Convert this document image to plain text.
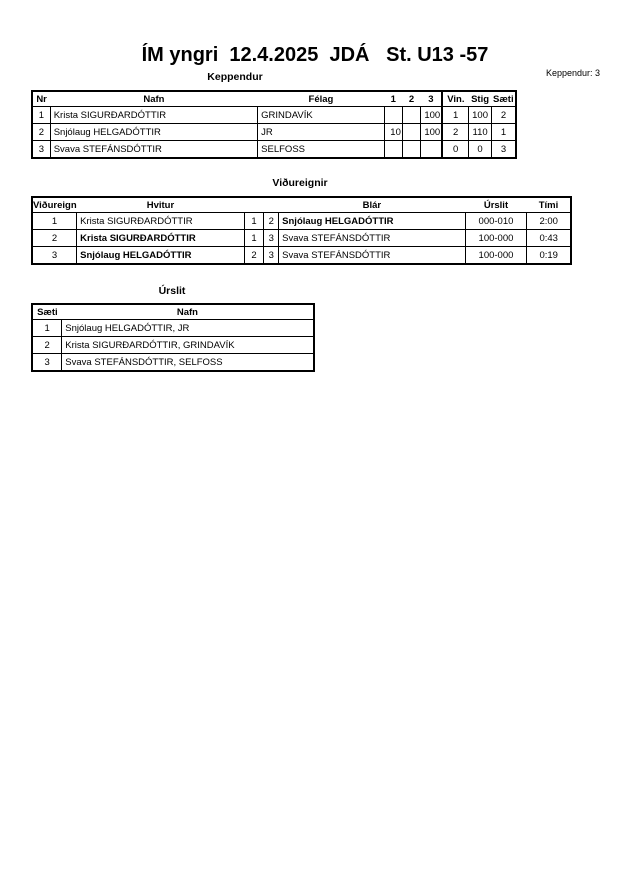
ÍM yngri  12.4.2025  JDÁ   St. U13 -57
Keppendur: 3
Keppendur
Nr	Nafn	Félag	1	2	3	Vin.	Stig	Sæti
1	Krista SIGURÐARDÓTTIR	GRINDAVÍK			100	1	100	2
2	Snjólaug HELGADÓTTIR	JR	10		100	2	110	1
3	Svava STEFÁNSDÓTTIR	SELFOSS				0	0	3
Viðureignir
Viðureign	Hvitur			Blár	Úrslit	Tími
1	Krista SIGURÐARDÓTTIR	1	2	Snjólaug HELGADÓTTIR	000-010	2:00
2	Krista SIGURÐARDÓTTIR	1	3	Svava STEFÁNSDÓTTIR	100-000	0:43
3	Snjólaug HELGADÓTTIR	2	3	Svava STEFÁNSDÓTTIR	100-000	0:19
Úrslit
Sæti	Nafn
1	Snjólaug HELGADÓTTIR, JR
2	Krista SIGURÐARDÓTTIR, GRINDAVÍK
3	Svava STEFÁNSDÓTTIR, SELFOSS
